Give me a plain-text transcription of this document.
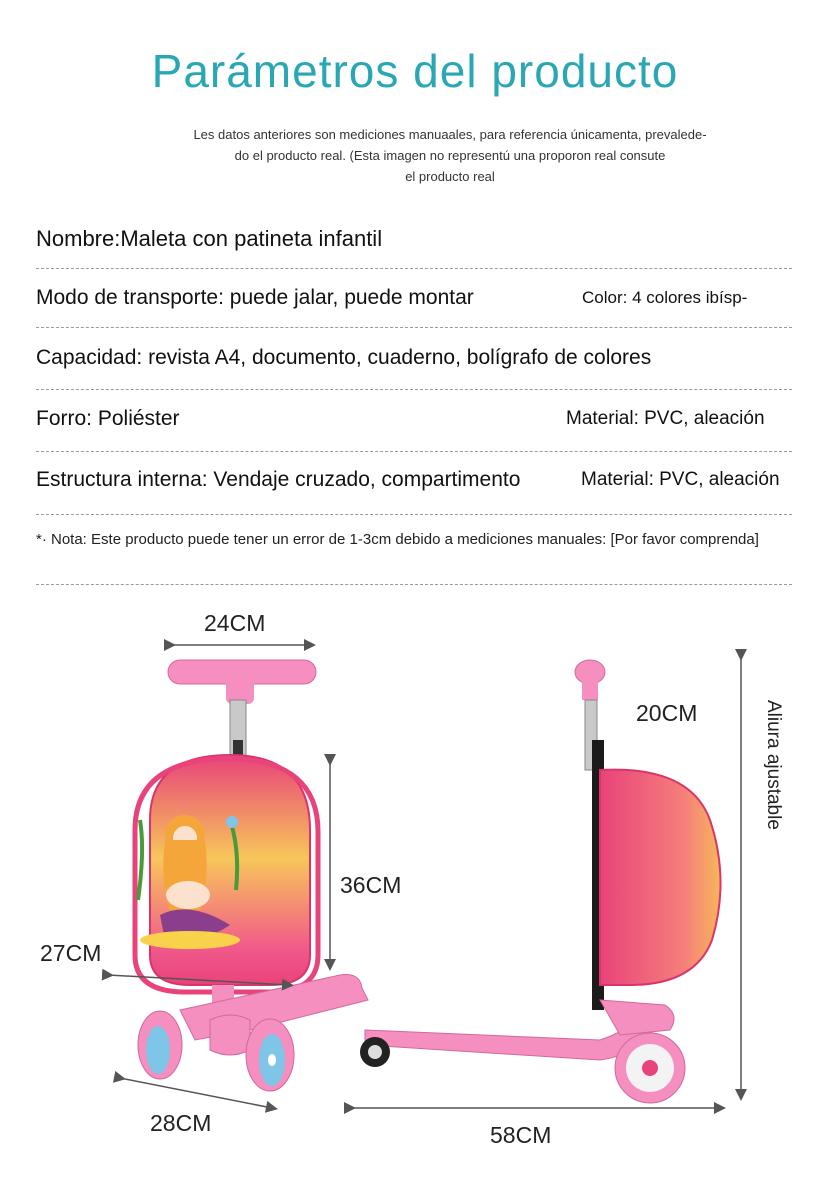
Parámetros del producto
Les datos anteriores son mediciones manuaales, para referencia únicamenta, prevalede-
do el producto real. (Esta imagen no representú una proporon real consute
el producto real
Nombre:Maleta con patineta infantil
Modo de transporte: puede jalar, puede montar	Color: 4 colores ibísp-
Capacidad: revista A4, documento, cuaderno, bolígrafo de colores
Forro: Poliéster	Material: PVC, aleación
Estructura interna: Vendaje cruzado, compartimento	Material: PVC, aleación
*· Nota: Este producto puede tener un error de 1-3cm debido a mediciones manuales: [Por favor comprenda]
24CM
36CM
27CM
28CM
20CM
58CM
Aliura ajustable
